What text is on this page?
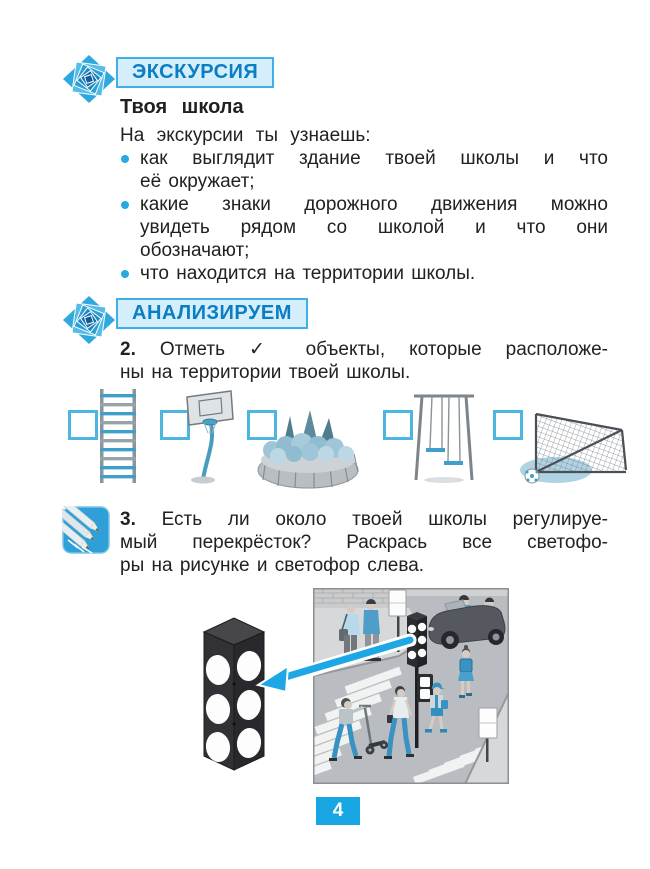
ЭКСКУРСИЯ
Твоя школа
На экскурсии ты узнаешь:
как выглядит здание твоей школы и что
её окружает;
какие знаки дорожного движения можно
увидеть рядом со школой и что они
обозначают;
что находится на территории школы.
АНАЛИЗИРУЕМ
2. Отметь ✓ объекты, которые расположе-
ны на территории твоей школы.
3. Есть ли около твоей школы регулируе-
мый перекрёсток? Раскрась все светофо-
ры на рисунке и светофор слева.
4
